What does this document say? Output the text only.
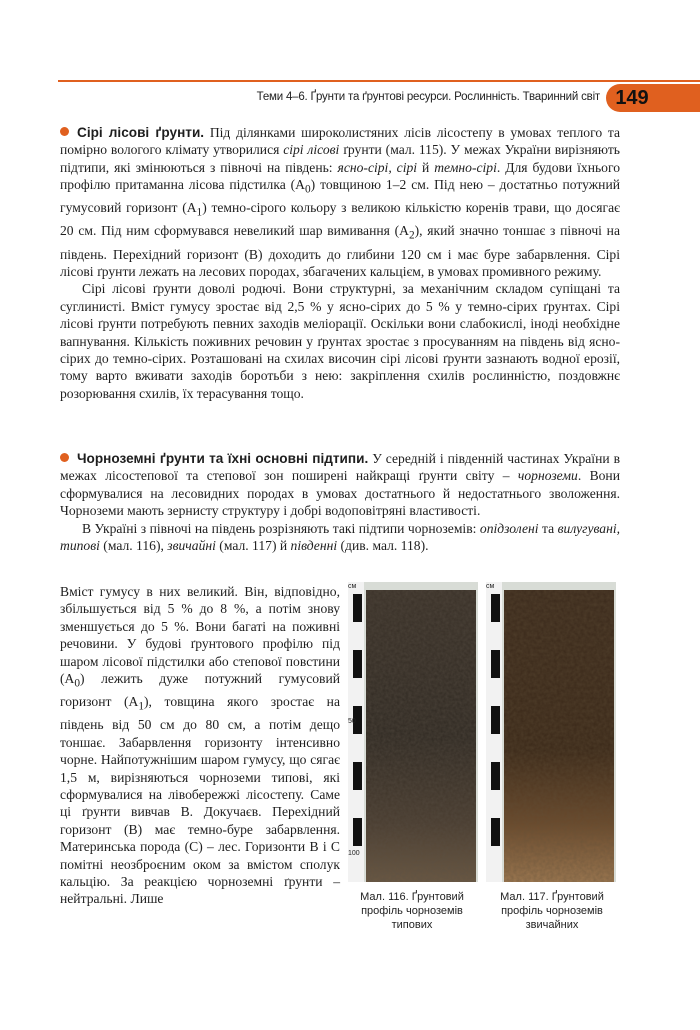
Теми 4–6. Ґрунти та ґрунтові ресурси. Рослинність. Тваринний світ 149

Сірі лісові ґрунти. Під ділянками широколистяних лісів лісостепу в умовах теплого та помірно вологого клімату утворилися сірі лісові ґрунти (мал. 115). У межах України вирізняють підтипи, які змінюються з півночі на південь: ясно-сірі, сірі й темно-сірі. Для будови їхнього профілю притаманна лісова підстилка $(А_0)$ товщиною 1–2 см. Під нею – достатньо потужний гумусовий горизонт $(А_1)$ темно-сірого кольору з великою кількістю коренів трави, що досягає 20 см. Під ним сформувався невеликий шар вимивання $(А_2)$, який значно тоншає з півночі на південь. Перехідний горизонт (В) доходить до глибини 120 см і має буре забарвлення. Сірі лісові ґрунти лежать на лесових породах, збагачених кальцієм, в умовах промивного режиму.

Сірі лісові ґрунти доволі родючі. Вони структурні, за механічним складом супіщані та суглинисті. Вміст гумусу зростає від 2,5 % у ясно-сірих до 5 % у темно-сірих ґрунтах. Сірі лісові ґрунти потребують певних заходів меліорації. Оскільки вони слабокислі, іноді необхідне вапнування. Кількість поживних речовин у ґрунтах зростає з просуванням на південь від ясно-сірих до темно-сірих. Розташовані на схилах височин сірі лісові ґрунти зазнають водної ерозії, тому варто вживати заходів боротьби з нею: закріплення схилів рослинністю, поздовжнє розорювання схилів, їх терасування тощо.

Чорноземні ґрунти та їхні основні підтипи. У середній і південній частинах України в межах лісостепової та степової зон поширені найкращі ґрунти світу – чорноземи. Вони сформувалися на лесовидних породах в умовах достатнього й недостатнього зволоження. Чорноземи мають зернисту структуру і добрі водоповітряні властивості.

В Україні з півночі на південь розрізняють такі підтипи чорноземів: опідзолені та вилугувані, типові (мал. 116), звичайні (мал. 117) й південні (див. мал. 118).

Вміст гумусу в них великий. Він, відповідно, збільшується від 5 % до 8 %, а потім знову зменшується до 5 %. Вони багаті на поживні речовини. У будові ґрунтового профілю під шаром лісової підстилки або степової повстини $(А_0)$ лежить дуже потужний гумусовий горизонт $(А_1)$, товщина якого зростає на південь від 50 см до 80 см, а потім дещо тоншає. Забарвлення горизонту інтенсивно чорне. Найпотужнішим шаром гумусу, що сягає 1,5 м, вирізняються чорноземи типові, які сформувалися на лівобережжі лісостепу. Саме ці ґрунти вивчав В. Докучаєв. Перехідний горизонт (В) має темно-буре забарвлення. Материнська порода (С) – лес. Горизонти В і С помітні неозброєним оком за вмістом сполук кальцію. За реакцією чорноземні ґрунти – нейтральні. Лише

см
50
100
см
Мал. 116. Ґрунтовий профіль чорноземів типових
Мал. 117. Ґрунтовий профіль чорноземів звичайних
